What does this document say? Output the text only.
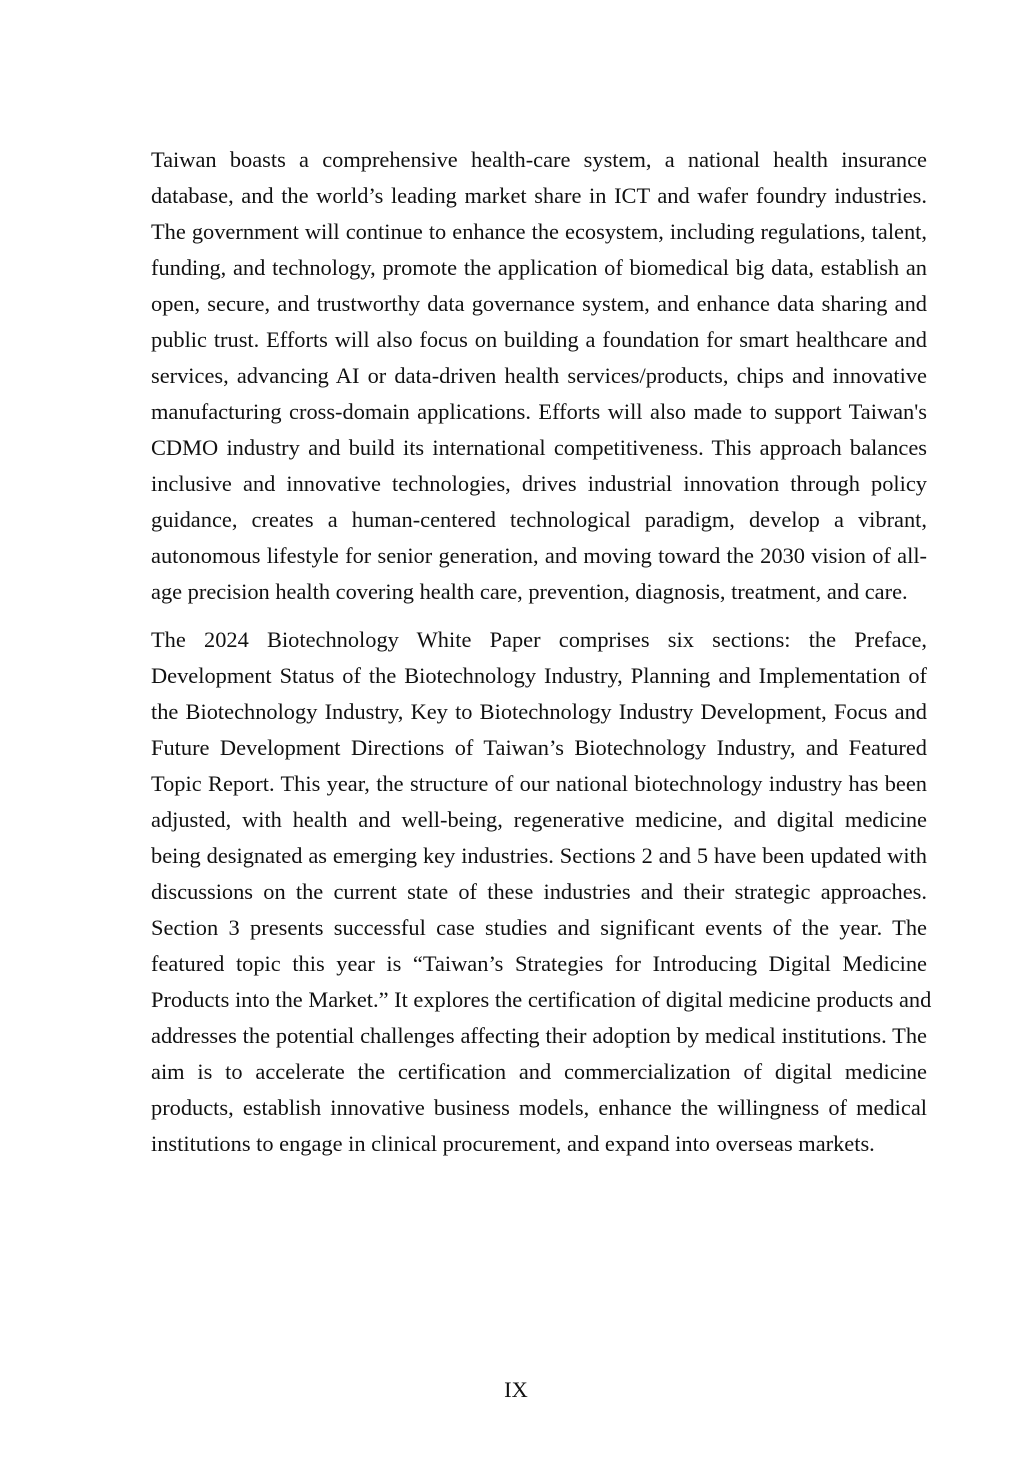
Taiwan boasts a comprehensive health-care system, a national health insurance
database, and the world’s leading market share in ICT and wafer foundry industries.
The government will continue to enhance the ecosystem, including regulations, talent,
funding, and technology, promote the application of biomedical big data, establish an
open, secure, and trustworthy data governance system, and enhance data sharing and
public trust. Efforts will also focus on building a foundation for smart healthcare and
services, advancing AI or data-driven health services/products, chips and innovative
manufacturing cross-domain applications. Efforts will also made to support Taiwan's
CDMO industry and build its international competitiveness. This approach balances
inclusive and innovative technologies, drives industrial innovation through policy
guidance, creates a human-centered technological paradigm, develop a vibrant,
autonomous lifestyle for senior generation, and moving toward the 2030 vision of all-
age precision health covering health care, prevention, diagnosis, treatment, and care.

The 2024 Biotechnology White Paper comprises six sections: the Preface,
Development Status of the Biotechnology Industry, Planning and Implementation of
the Biotechnology Industry, Key to Biotechnology Industry Development, Focus and
Future Development Directions of Taiwan’s Biotechnology Industry, and Featured
Topic Report. This year, the structure of our national biotechnology industry has been
adjusted, with health and well-being, regenerative medicine, and digital medicine
being designated as emerging key industries. Sections 2 and 5 have been updated with
discussions on the current state of these industries and their strategic approaches.
Section 3 presents successful case studies and significant events of the year. The
featured topic this year is “Taiwan’s Strategies for Introducing Digital Medicine
Products into the Market.” It explores the certification of digital medicine products and
addresses the potential challenges affecting their adoption by medical institutions. The
aim is to accelerate the certification and commercialization of digital medicine
products, establish innovative business models, enhance the willingness of medical
institutions to engage in clinical procurement, and expand into overseas markets.

IX
